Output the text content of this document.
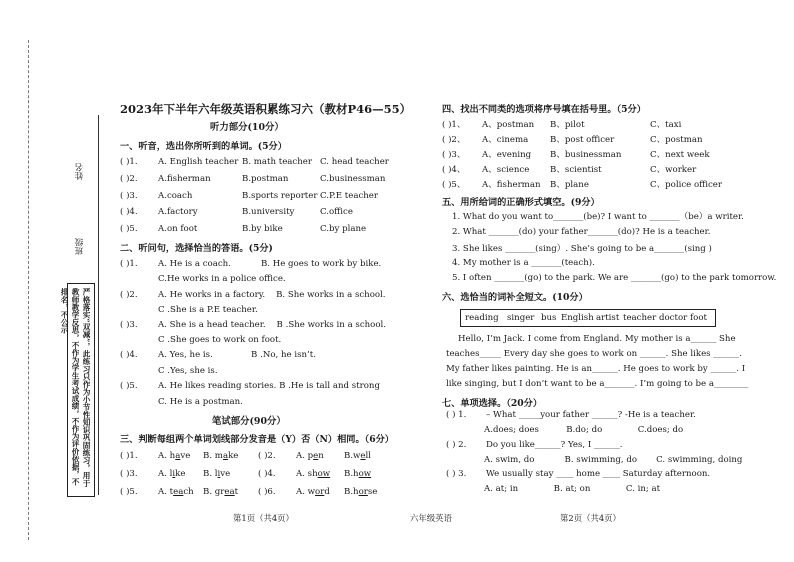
姓名
班级
严格落实“双减”，此练习只作为小节性知识巩固练习，用于教师教学反思，不作为学生考试成绩，不作为评价依据，不排名，不公示
2023年下半年六年级英语积累练习六（教材P46—55）
听力部分(10分）
一、听音，选出你所听到的单词。(5分）
( )1. A. English teacher B. math teacher C. head teacher
( )2. A.fisherman	B.postman	C.businessman
( )3. A.coach	B.sports reporter C.P.E teacher
( )4. A.factory	B.university	C.office
( )5. A.on foot	B.by bike	C.by plane
二、听问句，选择恰当的答语。(5分)
( )1. A. He is a coach.           B. He goes to work by bike.
C.He works in a police office.
( )2. A. He works in a factory.    B. She works in a school.
C .She is a P.E teacher.
( )3. A. She is a head teacher.    B .She works in a school.
C .She goes to work on foot.
( )4. A. Yes, he is.              B .No, he isn’t.
C .Yes, she is.
( )5. A. He likes reading stories. B .He is tall and strong
C. He is a postman.
笔试部分(90分）
三、判断每组两个单词划线部分发音是（Y）否（N）相同。（6分）
( )1. A. have B. make ( )2. A. pen B.well
( )3. A. like B. live	( )4. A. show B.how
( )5. A. teach B. great ( )6. A. word B.horse
四、找出不同类的选项将序号填在括号里。（5分）
( )1、 A、postman B、pilot	C、taxi
( )2、 A、cinema	B、post officer	C、postman
( )3、 A、evening B、businessman	C、next week
( )4、 A、science B、scientist	C、worker
( )5、 A、fisherman B、plane	C、police officer
五、用所给词的正确形式填空。(9分）
1. What do you want to_______(be)? I want to _______（be）a writer.
2. What _______(do) your father_______(do)? He is a teacher.
3. She likes _______(sing）. She’s going to be a_______(sing )
4. My mother is a _______(teach).
5. I often _______(go) to the park. We are _______(go) to the park tomorrow.
六、选恰当的词补全短文。(10分）
reading singer bus English artist teacher doctor foot
Hello, I’m Jack. I come from England. My mother is a______ She
teaches_____ Every day she goes to work on ______. She likes ______.
My father likes painting. He is an______. He goes to work by ______. I
like singing, but I don’t want to be a_______. I’m going to be a________
七、单项选择。（20分）
( ) 1. – What _____your father ______? -He is a teacher.
A.does; does          B.do; do             C.does; do
( ) 2. Do you like______? Yes, I ______.
A. swim, do           B. swimming, do       C. swimming, doing
( ) 3. We usually stay ____ home ____ Saturday afternoon.
A. at; in             B. at; on             C. in; at
第1页（共4页）	六年级英语	第2页（共4页）
